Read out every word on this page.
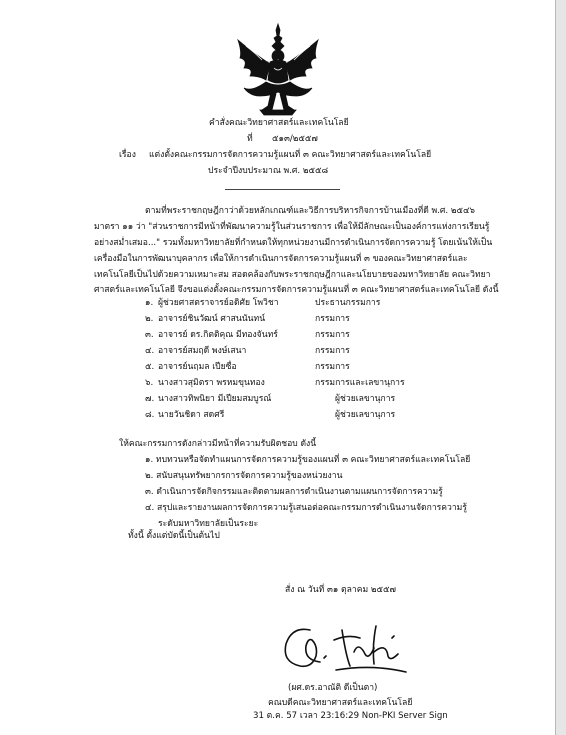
คำสั่งคณะวิทยาศาสตร์และเทคโนโลยี
ที่ ๕๑๓/๒๕๕๗
เรื่อง แต่งตั้งคณะกรรมการจัดการความรู้แผนที่ ๓ คณะวิทยาศาสตร์และเทคโนโลยี
ประจำปีงบประมาณ พ.ศ. ๒๕๕๘
ตามที่พระราชกฤษฎีกาว่าด้วยหลักเกณฑ์และวิธีการบริหารกิจการบ้านเมืองที่ดี พ.ศ. ๒๕๔๖
มาตรา ๑๑ ว่า "ส่วนราชการมีหน้าที่พัฒนาความรู้ในส่วนราชการ เพื่อให้มีลักษณะเป็นองค์การแห่งการเรียนรู้
อย่างสม่ำเสมอ..." รวมทั้งมหาวิทยาลัยที่กำหนดให้ทุกหน่วยงานมีการดำเนินการจัดการความรู้ โดยเน้นให้เป็น
เครื่องมือในการพัฒนาบุคลากร เพื่อให้การดำเนินการจัดการความรู้แผนที่ ๓ ของคณะวิทยาศาสตร์และ
เทคโนโลยีเป็นไปด้วยความเหมาะสม สอดคล้องกับพระราชกฤษฎีกาและนโยบายของมหาวิทยาลัย คณะวิทยา
ศาสตร์และเทคโนโลยี จึงขอแต่งตั้งคณะกรรมการจัดการความรู้แผนที่ ๓ คณะวิทยาศาสตร์และเทคโนโลยี ดังนี้
๑. ผู้ช่วยศาสตราจารย์อดิศัย โพวิชา	ประธานกรรมการ
๒. อาจารย์ชินวัฒน์ ศาสนนันทน์	กรรมการ
๓. อาจารย์ ดร.กิตติคุณ มีทองจันทร์	กรรมการ
๔. อาจารย์สมฤดี พงษ์เสนา	กรรมการ
๕. อาจารย์นฤมล เปียซื่อ	กรรมการ
๖. นางสาวสุมิตรา พรหมขุนทอง	กรรมการและเลขานุการ
๗. นางสาวทิพนิยา มีเปียมสมบูรณ์	ผู้ช่วยเลขานุการ
๘. นายวันชิดา สดศรี	ผู้ช่วยเลขานุการ
ให้คณะกรรมการดังกล่าวมีหน้าที่ความรับผิดชอบ ดังนี้
๑. ทบทวนหรือจัดทำแผนการจัดการความรู้ของแผนที่ ๓ คณะวิทยาศาสตร์และเทคโนโลยี
๒. สนับสนุนทรัพยากรการจัดการความรู้ของหน่วยงาน
๓. ดำเนินการจัดกิจกรรมและติดตามผลการดำเนินงานตามแผนการจัดการความรู้
๔. สรุปและรายงานผลการจัดการความรู้เสนอต่อคณะกรรมการดำเนินงานจัดการความรู้
ระดับมหาวิทยาลัยเป็นระยะ
ทั้งนี้ ตั้งแต่บัดนี้เป็นต้นไป
สั่ง ณ วันที่ ๓๑ ตุลาคม ๒๕๕๗
(ผศ.ดร.อาณัติ ดีเป็นตา)
คณบดีคณะวิทยาศาสตร์และเทคโนโลยี
31 ต.ค. 57 เวลา 23:16:29 Non-PKI Server Sign
